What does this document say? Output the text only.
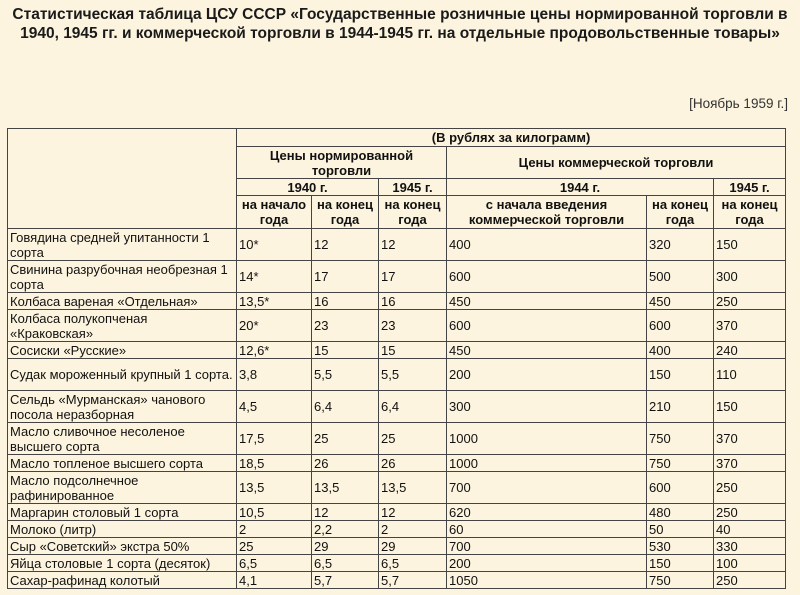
Статистическая таблица ЦСУ СССР «Государственные розничные цены нормированной торговли в 1940, 1945 гг. и коммерческой торговли в 1944-1945 гг. на отдельные продовольственные товары»
[Ноябрь 1959 г.]
	(В рублях за килограмм)					
	Цены нормированной торговли			Цены коммерческой торговли		
	1940 г.		1945 г.	1944 г.		1945 г.
	на начало года	на конец года	на конец года	с начала введения коммерческой торговли	на конец года	на конец года
Говядина средней упитанности 1 сорта	10*	12	12	400	320	150
Свинина разрубочная необрезная 1 сорта	14*	17	17	600	500	300
Колбаса вареная «Отдельная»	13,5*	16	16	450	450	250
Колбаса полукопченая «Краковская»	20*	23	23	600	600	370
Сосиски «Русские»	12,6*	15	15	450	400	240
Судак мороженный крупный 1 сорта.	3,8	5,5	5,5	200	150	110
Сельдь «Мурманская» чанового посола неразборная	4,5	6,4	6,4	300	210	150
Масло сливочное несоленое высшего сорта	17,5	25	25	1000	750	370
Масло топленое высшего сорта	18,5	26	26	1000	750	370
Масло подсолнечное рафинированное	13,5	13,5	13,5	700	600	250
Маргарин столовый 1 сорта	10,5	12	12	620	480	250
Молоко (литр)	2	2,2	2	60	50	40
Сыр «Советский» экстра 50%	25	29	29	700	530	330
Яйца столовые 1 сорта (десяток)	6,5	6,5	6,5	200	150	100
Сахар-рафинад колотый	4,1	5,7	5,7	1050	750	250
